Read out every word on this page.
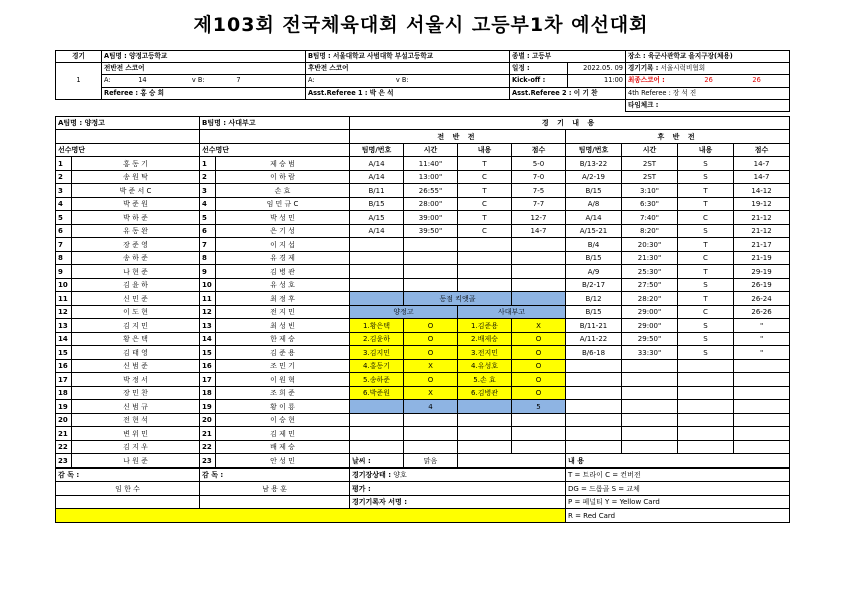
제103회 전국체육대회 서울시 고등부1차 예선대회
경기	A팀명 : 양정고등학교	B팀명 : 서울대학교 사범대학 부설고등학교	종별 : 고등부		장소 : 육군사관학교 을지구장(체용)
1	전반전 스코어	후반전 스코어	일정 :	2022.05. 09	경기기록 : 서울시럭비협회
	A: 14 v B: 7	A: v B:	Kick-off :	11:00	최종스코어 : 26 26
	Referee : 홍 승 희	Asst.Referee 1 : 박 은 석	Asst.Referee 2 : 이 기 찬		4th Referee : 장 석 진
					타임체크 :
A팀명 : 양정고		B팀명 : 사대부고		경 기 내 용							
				전 반 전				후 반 전			
선수명단		선수명단		팀명/번호	시간	내용	점수	팀명/번호	시간	내용	점수
1	홍 동 기	1	제 승 범	A/14	11:40"	T	5-0	B/13-22	2ST	S	14-7
2	송 원 탁	2	이 하 람	A/14	13:00"	C	7-0	A/2-19	2ST	S	14-7
3	박 준 서 C	3	손 효	B/11	26:55"	T	7-5	B/15	3:10"	T	14-12
4	박 준 원	4	임 민 규 C	B/15	28:00"	C	7-7	A/8	6:30"	T	19-12
5	박 하 준	5	박 성 민	A/15	39:00"	T	12-7	A/14	7:40"	C	21-12
6	유 동 완	6	은 기 성	A/14	39:50"	C	14-7	A/15-21	8:20"	S	21-12
7	장 준 영	7	이 지 섭					B/4	20:30"	T	21-17
8	송 하 준	8	유 경 제					B/15	21:30"	C	21-19
9	나 현 준	9	김 병 관					A/9	25:30"	T	29-19
10	김 윤 하	10	유 성 호					B/2-17	27:50"	S	26-19
11	신 민 준	11	최 정 후		동점 킥앳골			B/12	28:20"	T	26-24
12	이 도 현	12	전 지 민	양정고		사대부고		B/15	29:00"	C	26-26
13	김 지 민	13	최 성 빈	1.황은택	O	1.김준용	X	B/11-21	29:00"	S	"
14	황 은 택	14	한 제 승	2.김윤하	O	2.배제승	O	A/11-22	29:50"	S	"
15	김 태 영	15	김 준 용	3.김지민	O	3.전지민	O	B/6-18	33:30"	S	"
16	신 범 준	16	조 민 기	4.홍동기	X	4.유성호	O				
17	박 정 서	17	이 원 혁	5.송하준	O	5.손 효	O				
18	장 민 찬	18	조 희 준	6.박준원	X	6.김병관	O				
19	신 범 규	19	황 이 룡		4		5				
20	전 현 석	20	이 승 현								
21	변 위 민	21	김 제 민								
22	김 지 우	22	배 제 승								
23	나 원 준	23	안 성 민	날씨 :	맑음			내 용			
감 독 :	감 독 :	경기장상태 : 양호	T = 트라이 C = 컨버전
임 한 수	남 용 훈	평가 :	DG = 드롭골 S = 교체
		경기기록자 서명 :	P = 페널티 Y = Yellow Card
			R = Red Card
